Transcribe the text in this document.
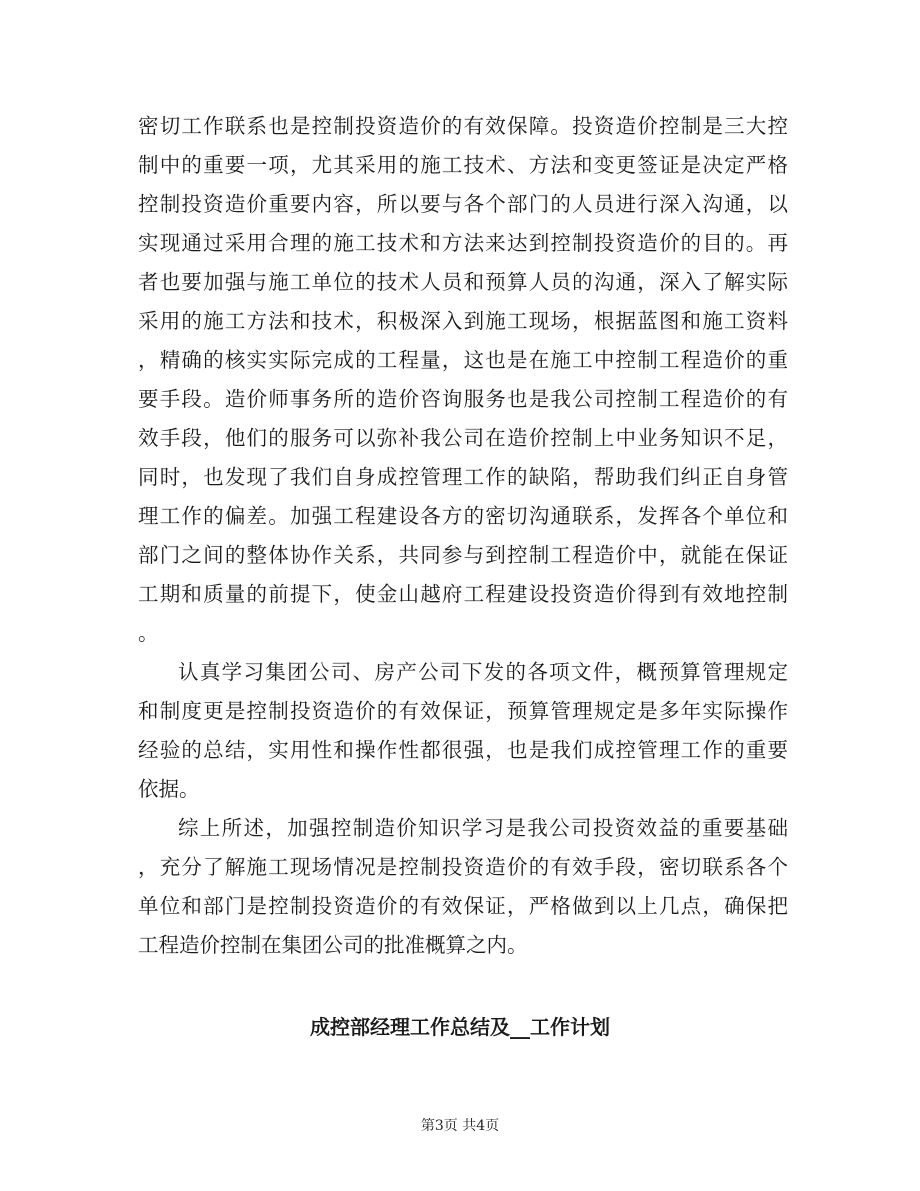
密切工作联系也是控制投资造价的有效保障。投资造价控制是三大控
制中的重要一项，尤其采用的施工技术、方法和变更签证是决定严格
控制投资造价重要内容，所以要与各个部门的人员进行深入沟通，以
实现通过采用合理的施工技术和方法来达到控制投资造价的目的。再
者也要加强与施工单位的技术人员和预算人员的沟通，深入了解实际
采用的施工方法和技术，积极深入到施工现场，根据蓝图和施工资料
，精确的核实实际完成的工程量，这也是在施工中控制工程造价的重
要手段。造价师事务所的造价咨询服务也是我公司控制工程造价的有
效手段，他们的服务可以弥补我公司在造价控制上中业务知识不足，
同时，也发现了我们自身成控管理工作的缺陷，帮助我们纠正自身管
理工作的偏差。加强工程建设各方的密切沟通联系，发挥各个单位和
部门之间的整体协作关系，共同参与到控制工程造价中，就能在保证
工期和质量的前提下，使金山越府工程建设投资造价得到有效地控制
。
认真学习集团公司、房产公司下发的各项文件，概预算管理规定
和制度更是控制投资造价的有效保证，预算管理规定是多年实际操作
经验的总结，实用性和操作性都很强，也是我们成控管理工作的重要
依据。
综上所述，加强控制造价知识学习是我公司投资效益的重要基础
，充分了解施工现场情况是控制投资造价的有效手段，密切联系各个
单位和部门是控制投资造价的有效保证，严格做到以上几点，确保把
工程造价控制在集团公司的批准概算之内。
成控部经理工作总结及__工作计划
第3页 共4页
